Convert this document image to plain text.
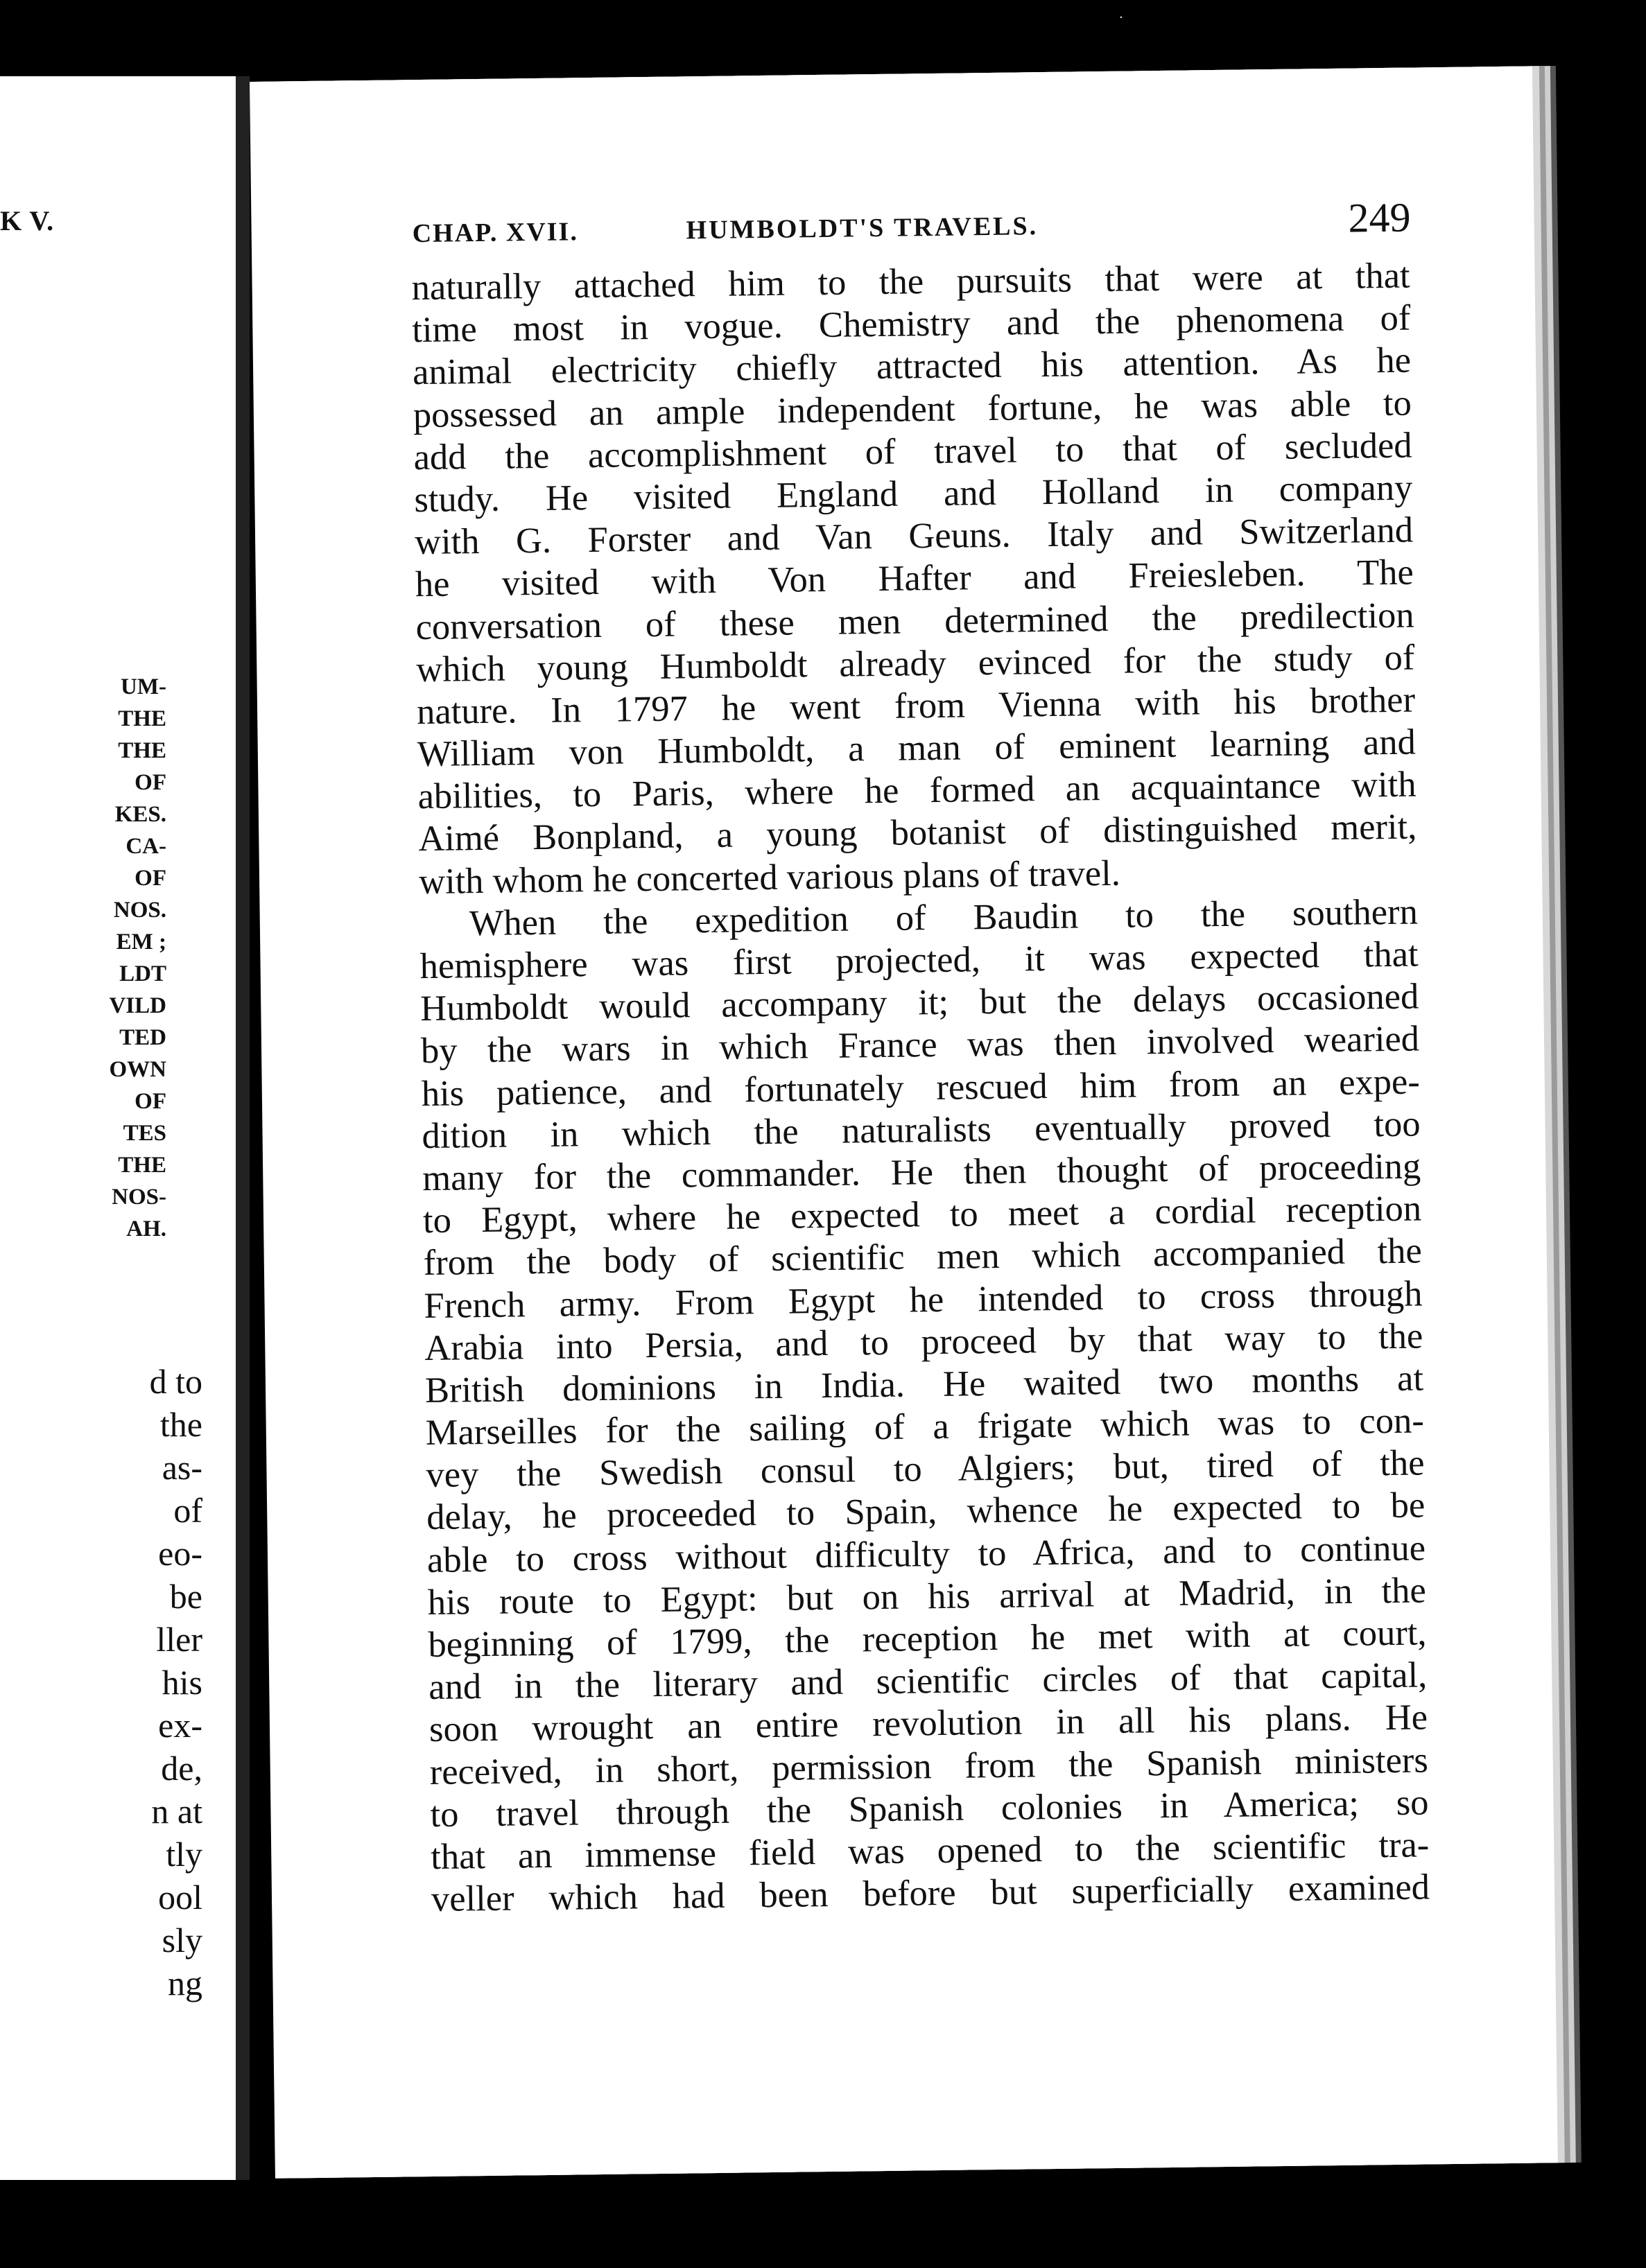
·
K V.
UM-
THE
THE
OF
KES.
CA-
OF
NOS.
EM ;
LDT
VILD
TED
OWN
OF
TES
THE
NOS-
AH.
d to
the
as-
of
eo-
be
ller
his
ex-
de,
n at
tly
ool
sly
ng
CHAP. XVII.	HUMBOLDT'S TRAVELS.	249
naturally attached him to the pursuits that were at that
time most in vogue. Chemistry and the phenomena of
animal electricity chiefly attracted his attention. As he
possessed an ample independent fortune, he was able to
add the accomplishment of travel to that of secluded
study. He visited England and Holland in company
with G. Forster and Van Geuns. Italy and Switzerland
he visited with Von Hafter and Freiesleben. The
conversation of these men determined the predilection
which young Humboldt already evinced for the study of
nature. In 1797 he went from Vienna with his brother
William von Humboldt, a man of eminent learning and
abilities, to Paris, where he formed an acquaintance with
Aimé Bonpland, a young botanist of distinguished merit,
with whom he concerted various plans of travel.
When the expedition of Baudin to the southern
hemisphere was first projected, it was expected that
Humboldt would accompany it; but the delays occasioned
by the wars in which France was then involved wearied
his patience, and fortunately rescued him from an expe-
dition in which the naturalists eventually proved too
many for the commander. He then thought of proceeding
to Egypt, where he expected to meet a cordial reception
from the body of scientific men which accompanied the
French army. From Egypt he intended to cross through
Arabia into Persia, and to proceed by that way to the
British dominions in India. He waited two months at
Marseilles for the sailing of a frigate which was to con-
vey the Swedish consul to Algiers; but, tired of the
delay, he proceeded to Spain, whence he expected to be
able to cross without difficulty to Africa, and to continue
his route to Egypt: but on his arrival at Madrid, in the
beginning of 1799, the reception he met with at court,
and in the literary and scientific circles of that capital,
soon wrought an entire revolution in all his plans. He
received, in short, permission from the Spanish ministers
to travel through the Spanish colonies in America; so
that an immense field was opened to the scientific tra-
veller which had been before but superficially examined
